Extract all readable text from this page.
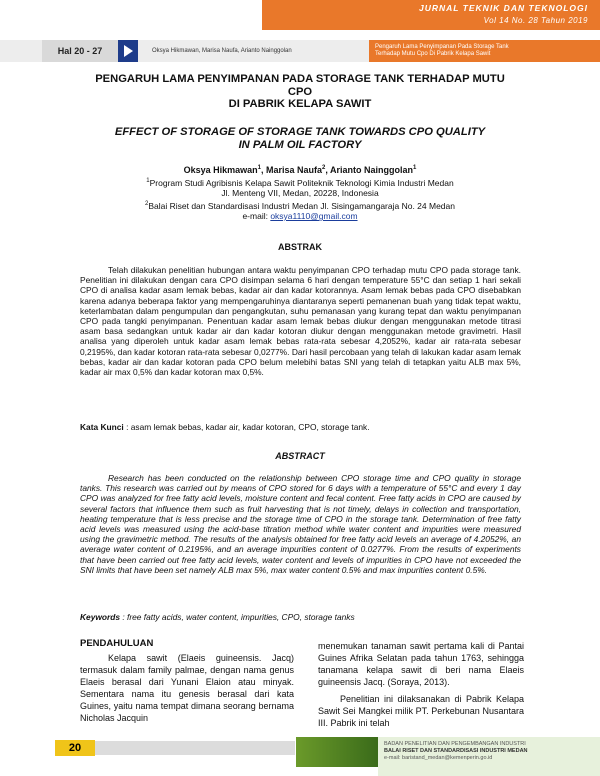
JURNAL TEKNIK DAN TEKNOLOGI
Vol 14 No. 28 Tahun 2019
Hal 20 - 27	Oksya Hikmawan, Marisa Naufa, Arianto Nainggolan
Pengaruh Lama Penyimpanan Pada Storage Tank
Terhadap Mutu Cpo Di Pabrik Kelapa Sawit
PENGARUH LAMA PENYIMPANAN PADA STORAGE TANK TERHADAP MUTU
CPO
DI PABRIK KELAPA SAWIT
EFFECT OF STORAGE OF STORAGE TANK TOWARDS CPO QUALITY
IN PALM OIL FACTORY
Oksya Hikmawan$^1$, Marisa Naufa$^2$, Arianto Nainggolan$^1$
$^1$Program Studi Agribisnis Kelapa Sawit Politeknik Teknologi Kimia Industri Medan
Jl. Menteng VII, Medan, 20228, Indonesia
$^2$Balai Riset dan Standardisasi Industri Medan Jl. Sisingamangaraja No. 24 Medan
e-mail: oksya1110@gmail.com
ABSTRAK
Telah dilakukan penelitian hubungan antara waktu penyimpanan CPO terhadap mutu CPO pada storage tank. Penelitian ini dilakukan dengan cara CPO disimpan selama 6 hari dengan temperature 55°C dan setiap 1 hari sekali CPO di analisa kadar asam lemak bebas, kadar air dan kadar kotorannya. Asam lemak bebas pada CPO disebabkan karena adanya beberapa faktor yang mempengaruhinya diantaranya seperti pemanenan buah yang tidak tepat waktu, keterlambatan dalam pengumpulan dan pengangkutan, suhu pemanasan yang kurang tepat dan waktu penyimpanan CPO pada tangki penyimpanan. Penentuan kadar asam lemak bebas diukur dengan menggunakan metode titrasi asam basa sedangkan untuk kadar air dan kadar kotoran diukur dengan menggunakan metode gravimetri. Hasil analisa yang diperoleh untuk kadar asam lemak bebas rata-rata sebesar 4,2052%, kadar air rata-rata sebesar 0,2195%, dan kadar kotoran rata-rata sebesar 0,0277%. Dari hasil percobaan yang telah di lakukan kadar asam lemak bebas, kadar air dan kadar kotoran pada CPO belum melebihi batas SNI yang telah di tetapkan yaitu ALB max 5%, kadar air max 0,5% dan kadar kotoran max 0,5%.
Kata Kunci : asam lemak bebas, kadar air, kadar kotoran, CPO, storage tank.
ABSTRACT
Research has been conducted on the relationship between CPO storage time and CPO quality in storage tanks. This research was carried out by means of CPO stored for 6 days with a temperature of 55°C and every 1 day CPO was analyzed for free fatty acid levels, moisture content and fecal content. Free fatty acids in CPO are caused by several factors that influence them such as fruit harvesting that is not timely, delays in collection and transportation, heating temperature that is less precise and the storage time of CPO in the storage tank. Determination of free fatty acid levels was measured using the acid-base titration method while water content and impurities were measured using the gravimetric method. The results of the analysis obtained for free fatty acid levels an average of 4.2052%, an average water content of 0.2195%, and an average impurities content of 0.0277%. From the results of experiments that have been carried out free fatty acid levels, water content and levels of impurities in CPO have not exceeded the SNI limits that have been set namely ALB max 5%, max water content 0.5% and max impurities content 0.5%.
Keywords : free fatty acids, water content, impurities, CPO, storage tanks
PENDAHULUAN
Kelapa sawit (Elaeis guineensis. Jacq) termasuk dalam family palmae, dengan nama genus Elaeis berasal dari Yunani Elaion atau minyak. Sementara nama itu genesis berasal dari kata Guines, yaitu nama tempat dimana seorang bernama Nicholas Jacquin
menemukan tanaman sawit pertama kali di Pantai Guines Afrika Selatan pada tahun 1763, sehingga tanamana kelapa sawit di beri nama Elaeis guineensis Jacq. (Soraya, 2013).
Penelitian ini dilaksanakan di Pabrik Kelapa Sawit Sei Mangkei milik PT. Perkebunan Nusantara III. Pabrik ini telah
20	BADAN PENELITIAN DAN PENGEMBANGAN INDUSTRI
BALAI RISET DAN STANDARDISASI INDUSTRI MEDAN
e-mail: baristand_medan@kemenperin.go.id
